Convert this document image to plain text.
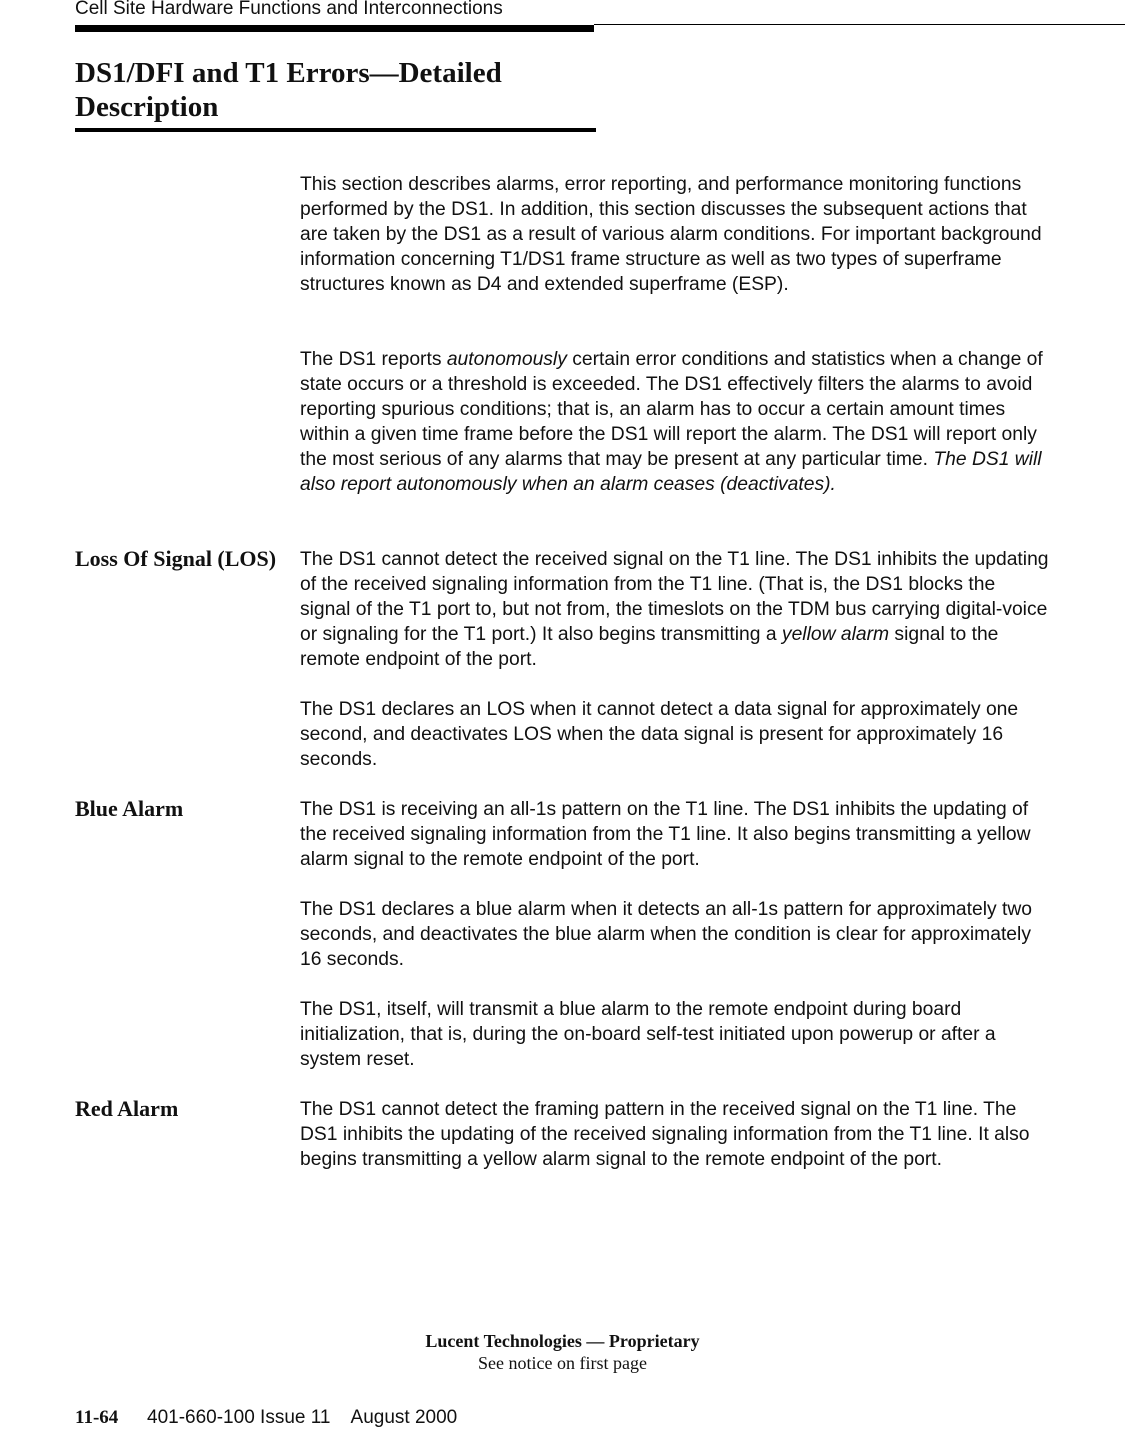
Cell Site Hardware Functions and Interconnections
DS1/DFI and T1 Errors—Detailed Description

This section describes alarms, error reporting, and performance monitoring functions performed by the DS1. In addition, this section discusses the subsequent actions that are taken by the DS1 as a result of various alarm conditions. For important background information concerning T1/DS1 frame structure as well as two types of superframe structures known as D4 and extended superframe (ESP).

The DS1 reports autonomously certain error conditions and statistics when a change of state occurs or a threshold is exceeded. The DS1 effectively filters the alarms to avoid reporting spurious conditions; that is, an alarm has to occur a certain amount times within a given time frame before the DS1 will report the alarm. The DS1 will report only the most serious of any alarms that may be present at any particular time. The DS1 will also report autonomously when an alarm ceases (deactivates).

Loss Of Signal (LOS)	The DS1 cannot detect the received signal on the T1 line. The DS1 inhibits the updating of the received signaling information from the T1 line. (That is, the DS1 blocks the signal of the T1 port to, but not from, the timeslots on the TDM bus carrying digital-voice or signaling for the T1 port.) It also begins transmitting a yellow alarm signal to the remote endpoint of the port.

The DS1 declares an LOS when it cannot detect a data signal for approximately one second, and deactivates LOS when the data signal is present for approximately 16 seconds.

Blue Alarm	The DS1 is receiving an all-1s pattern on the T1 line. The DS1 inhibits the updating of the received signaling information from the T1 line. It also begins transmitting a yellow alarm signal to the remote endpoint of the port.

The DS1 declares a blue alarm when it detects an all-1s pattern for approximately two seconds, and deactivates the blue alarm when the condition is clear for approximately 16 seconds.

The DS1, itself, will transmit a blue alarm to the remote endpoint during board initialization, that is, during the on-board self-test initiated upon powerup or after a system reset.

Red Alarm	The DS1 cannot detect the framing pattern in the received signal on the T1 line. The DS1 inhibits the updating of the received signaling information from the T1 line. It also begins transmitting a yellow alarm signal to the remote endpoint of the port.

Lucent Technologies — Proprietary
See notice on first page
11-64 401-660-100 Issue 11    August 2000
